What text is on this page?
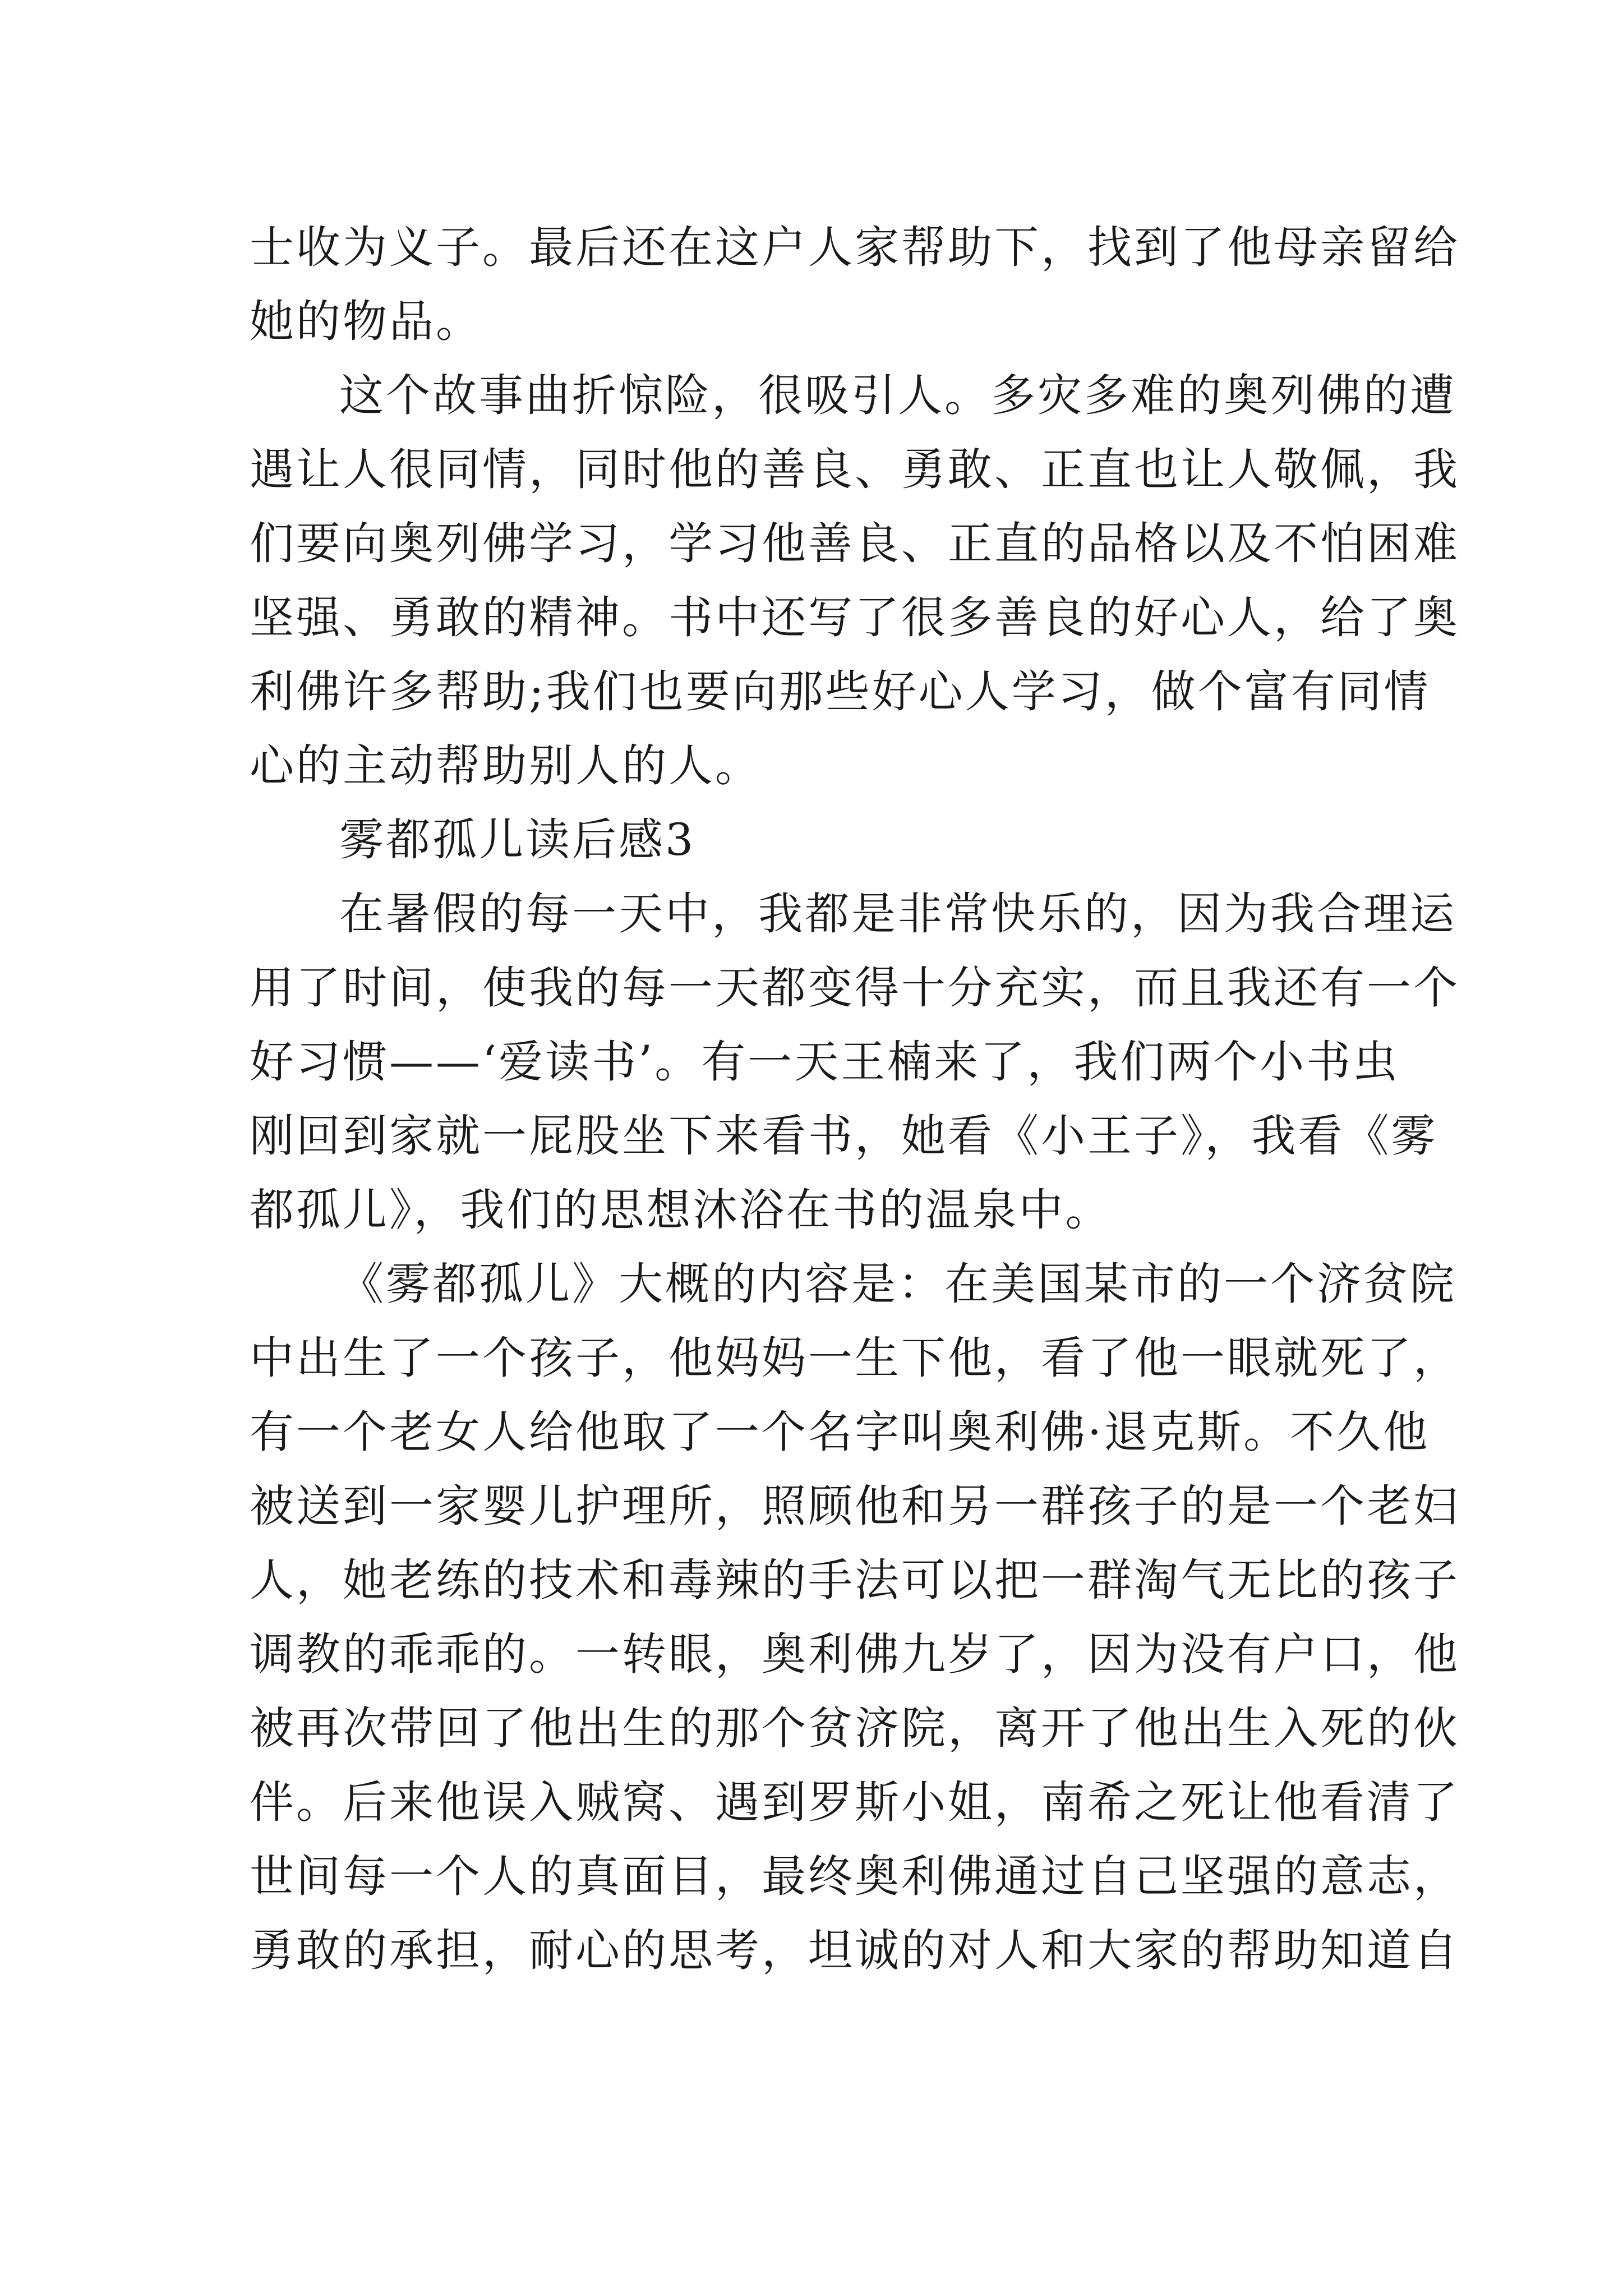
士收为义子。最后还在这户人家帮助下，找到了他母亲留给
她的物品。
这个故事曲折惊险，很吸引人。多灾多难的奥列佛的遭
遇让人很同情，同时他的善良、勇敢、正直也让人敬佩，我
们要向奥列佛学习，学习他善良、正直的品格以及不怕困难
坚强、勇敢的精神。书中还写了很多善良的好心人，给了奥
利佛许多帮助;我们也要向那些好心人学习，做个富有同情
心的主动帮助别人的人。
雾都孤儿读后感3
在暑假的每一天中，我都是非常快乐的，因为我合理运
用了时间，使我的每一天都变得十分充实，而且我还有一个
好习惯——‘爱读书’。有一天王楠来了，我们两个小书虫
刚回到家就一屁股坐下来看书，她看《小王子》，我看《雾
都孤儿》，我们的思想沐浴在书的温泉中。
《雾都孤儿》大概的内容是：在美国某市的一个济贫院
中出生了一个孩子，他妈妈一生下他，看了他一眼就死了，
有一个老女人给他取了一个名字叫奥利佛·退克斯。不久他
被送到一家婴儿护理所，照顾他和另一群孩子的是一个老妇
人，她老练的技术和毒辣的手法可以把一群淘气无比的孩子
调教的乖乖的。一转眼，奥利佛九岁了，因为没有户口，他
被再次带回了他出生的那个贫济院，离开了他出生入死的伙
伴。后来他误入贼窝、遇到罗斯小姐，南希之死让他看清了
世间每一个人的真面目，最终奥利佛通过自己坚强的意志，
勇敢的承担，耐心的思考，坦诚的对人和大家的帮助知道自
